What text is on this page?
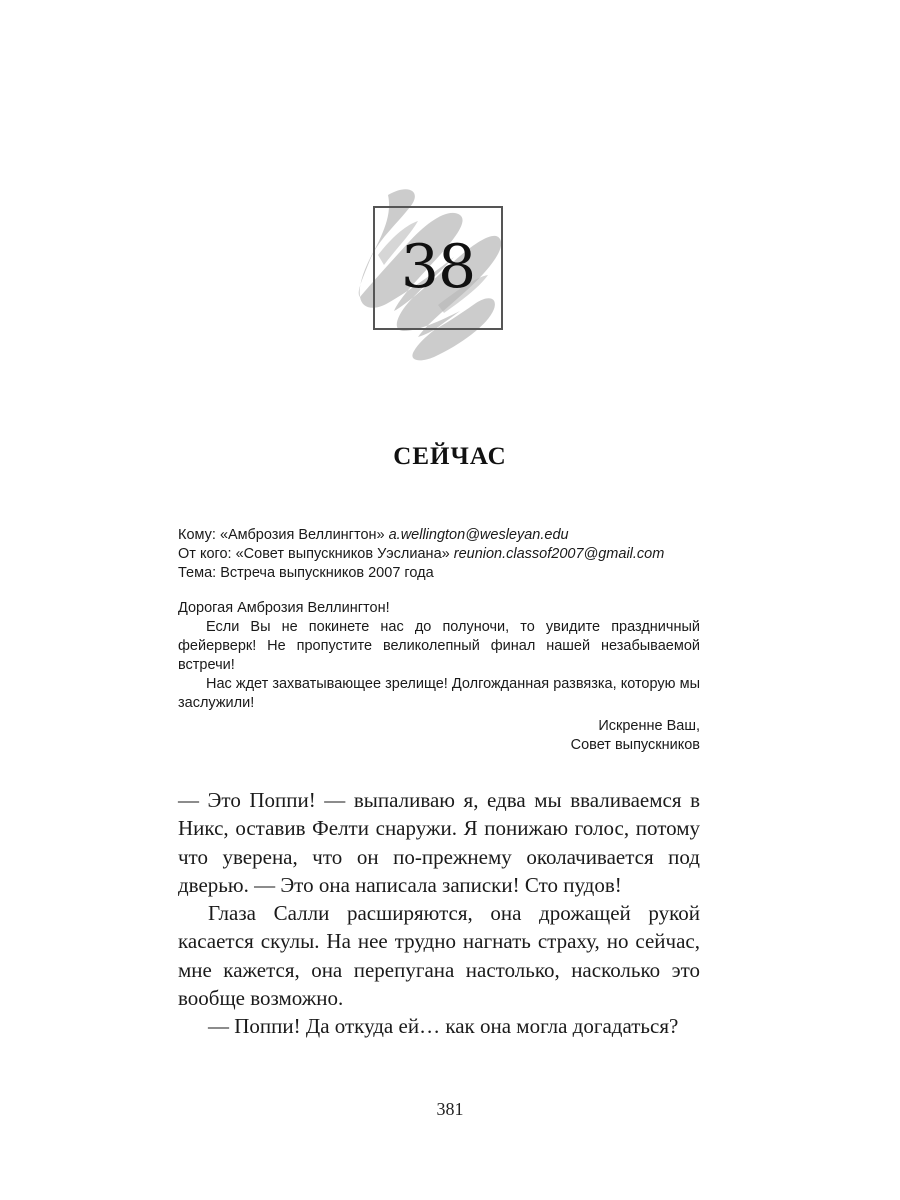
38
СЕЙЧАС
Кому: «Амброзия Веллингтон» a.wellington@wesleyan.edu
От кого: «Совет выпускников Уэслиана» reunion.classof2007@gmail.com
Тема: Встреча выпускников 2007 года

Дорогая Амброзия Веллингтон!

Если Вы не покинете нас до полуночи, то увидите праздничный фейерверк! Не пропустите великолепный финал нашей незабываемой встречи!

Нас ждет захватывающее зрелище! Долгожданная развязка, которую мы заслужили!

Искренне Ваш,

Совет выпускников

— Это Поппи! — выпаливаю я, едва мы вваливаемся в Никс, оставив Фелти снаружи. Я понижаю голос, потому что уверена, что он по-прежнему околачивается под дверью. — Это она написала записки! Сто пудов!

Глаза Салли расширяются, она дрожащей рукой касается скулы. На нее трудно нагнать страху, но сейчас, мне кажется, она перепугана настолько, насколько это вообще возможно.

— Поппи! Да откуда ей… как она могла догадаться?

381
